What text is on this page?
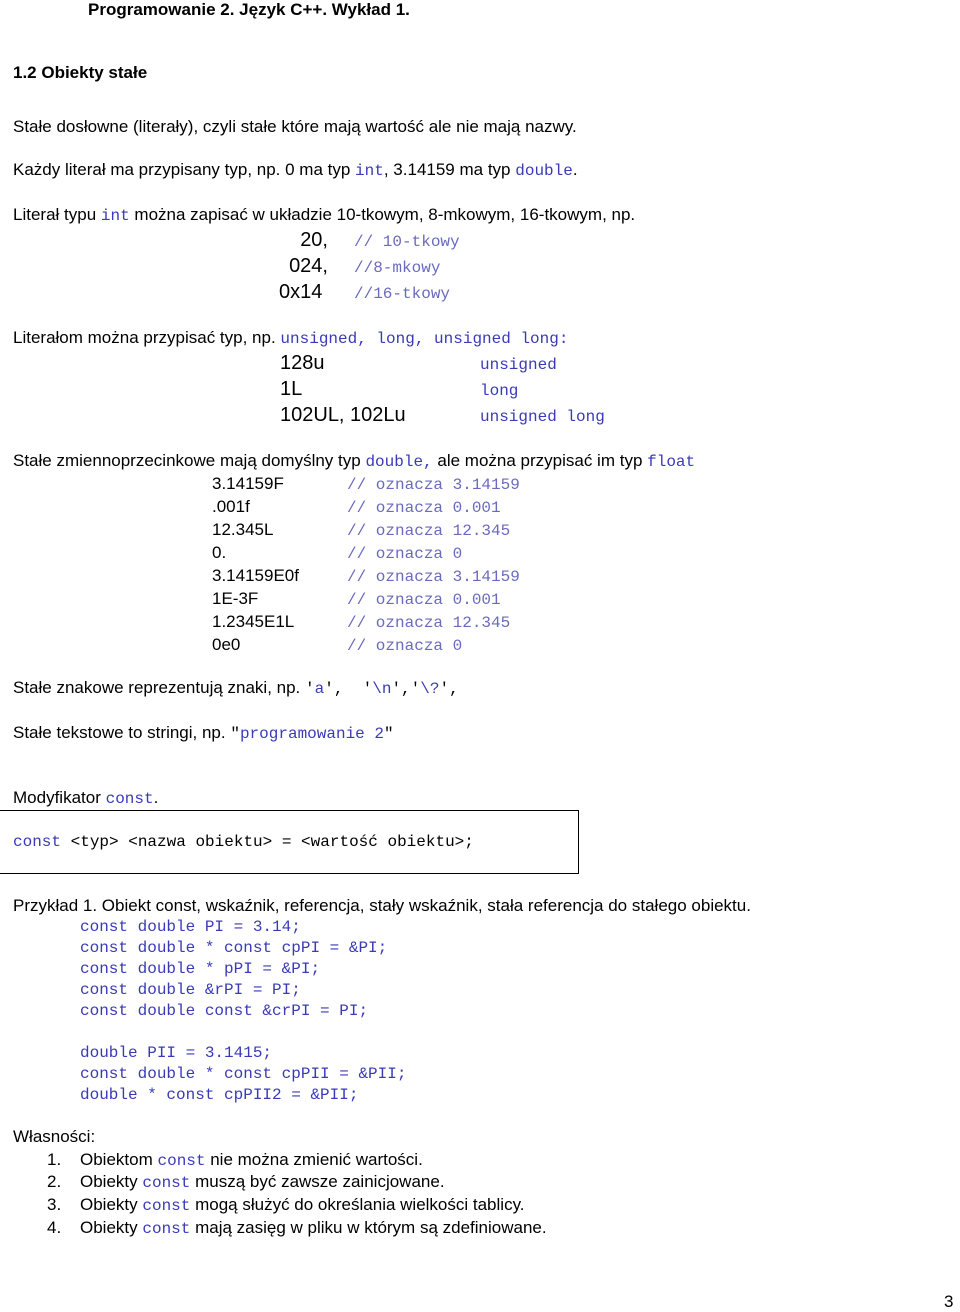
Programowanie 2. Język C++. Wykład 1.
1.2 Obiekty stałe
Stałe dosłowne (literały), czyli stałe które mają wartość ale nie mają nazwy.
Każdy literał ma przypisany typ, np. 0 ma typ int, 3.14159 ma typ double.
Literał typu int można zapisać w układzie 10-tkowym, 8-mkowym, 16-tkowym, np.
20, // 10-tkowy
024, //8-mkowy
0x14 //16-tkowy
Literałom można przypisać typ, np. unsigned, long, unsigned long:
128u	unsigned
1L	long
102UL, 102Lu	unsigned long
Stałe zmiennoprzecinkowe mają domyślny typ double, ale można przypisać im typ float
3.14159F	// oznacza 3.14159
.001f	// oznacza 0.001
12.345L	// oznacza 12.345
0.	// oznacza 0
3.14159E0f	// oznacza 3.14159
1E-3F	// oznacza 0.001
1.2345E1L	// oznacza 12.345
0e0	// oznacza 0
Stałe znakowe reprezentują znaki, np. 'a', '\n','\?',
Stałe tekstowe to stringi, np. "programowanie 2"
Modyfikator const.
const <typ> <nazwa obiektu> = <wartość obiektu>;
Przykład 1. Obiekt const, wskaźnik, referencja, stały wskaźnik, stała referencja do stałego obiektu.
const double PI = 3.14;
const double * const cpPI = &PI;
const double * pPI = &PI;
const double &rPI = PI;
const double const &crPI = PI;
double PII = 3.1415;
const double * const cpPII = &PII;
double * const cpPII2 = &PII;
Własności:
1. Obiektom const nie można zmienić wartości.
2. Obiekty const muszą być zawsze zainicjowane.
3. Obiekty const mogą służyć do określania wielkości tablicy.
4. Obiekty const mają zasięg w pliku w którym są zdefiniowane.
3
